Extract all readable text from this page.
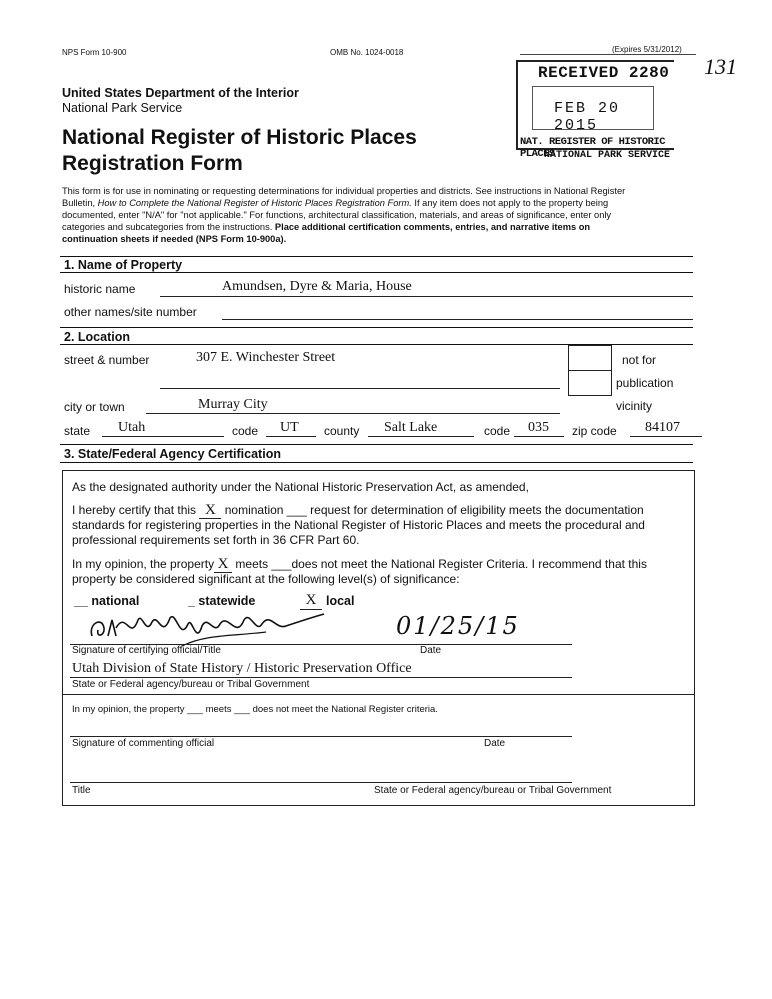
NPS Form 10-900	OMB No. 1024-0018	(Expires 5/31/2012)
131
RECEIVED 2280
FEB 20 2015
NAT. REGISTER OF HISTORIC PLACES
NATIONAL PARK SERVICE
United States Department of the Interior
National Park Service
National Register of Historic Places
Registration Form
This form is for use in nominating or requesting determinations for individual properties and districts. See instructions in National Register
Bulletin, How to Complete the National Register of Historic Places Registration Form. If any item does not apply to the property being
documented, enter "N/A" for "not applicable." For functions, architectural classification, materials, and areas of significance, enter only
categories and subcategories from the instructions. Place additional certification comments, entries, and narrative items on
continuation sheets if needed (NPS Form 10-900a).
1. Name of Property
historic name	Amundsen, Dyre & Maria, House
other names/site number
2. Location
street & number	307 E. Winchester Street	not for
publication
city or town	Murray City	vicinity
state Utah	code UT county Salt Lake	code 035 zip code 84107
3. State/Federal Agency Certification
As the designated authority under the National Historic Preservation Act, as amended,
I hereby certify that this X nomination ___ request for determination of eligibility meets the documentation
standards for registering properties in the National Register of Historic Places and meets the procedural and
professional requirements set forth in 36 CFR Part 60.
In my opinion, the property X meets ___does not meet the National Register Criteria. I recommend that this
property be considered significant at the following level(s) of significance:
__ national	_ statewide	X local
01/25/15
Signature of certifying official/Title	Date
Utah Division of State History / Historic Preservation Office
State or Federal agency/bureau or Tribal Government
In my opinion, the property ___ meets ___ does not meet the National Register criteria.
Signature of commenting official	Date
Title	State or Federal agency/bureau or Tribal Government
